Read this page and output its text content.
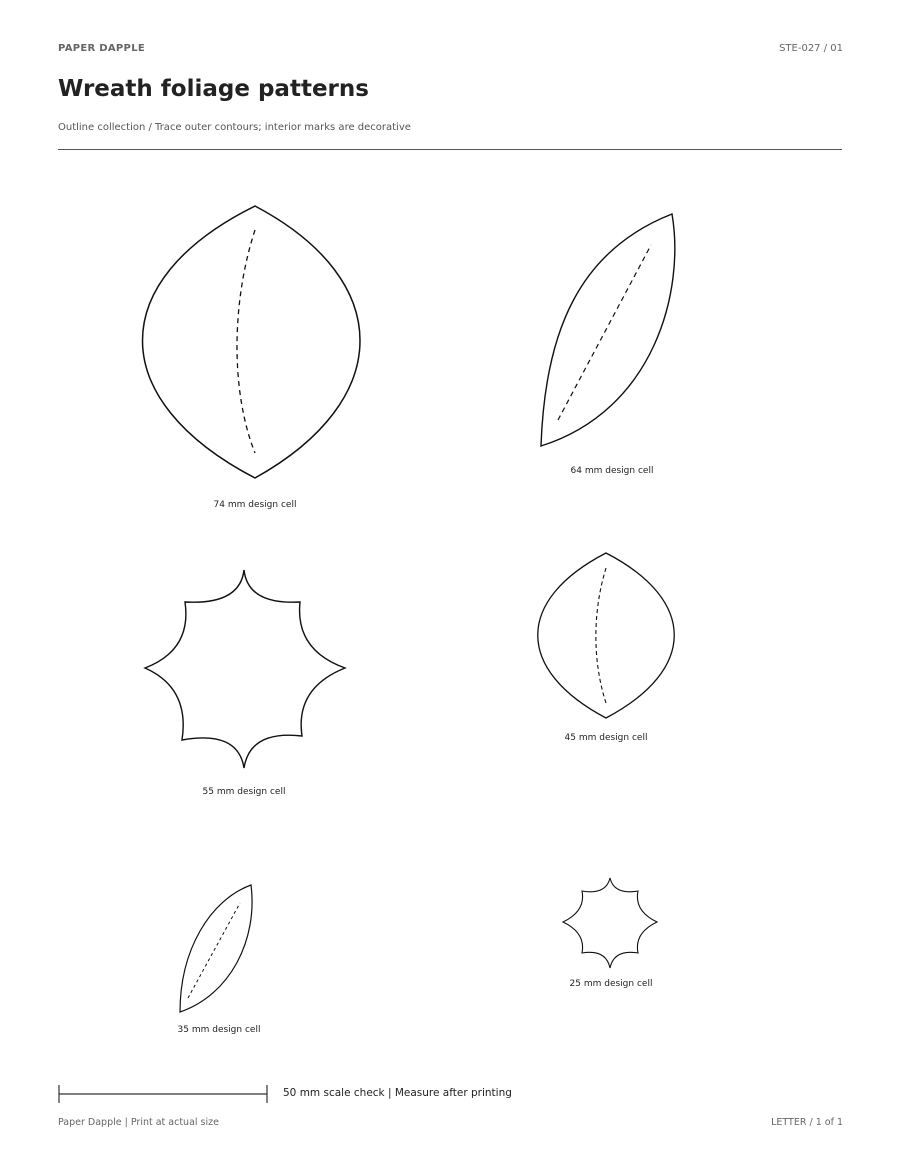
PAPER DAPPLE	STE-027 / 01
Wreath foliage patterns
Outline collection / Trace outer contours; interior marks are decorative
74 mm design cell
64 mm design cell
55 mm design cell
45 mm design cell
35 mm design cell
25 mm design cell
50 mm scale check | Measure after printing
Paper Dapple | Print at actual size	LETTER / 1 of 1
